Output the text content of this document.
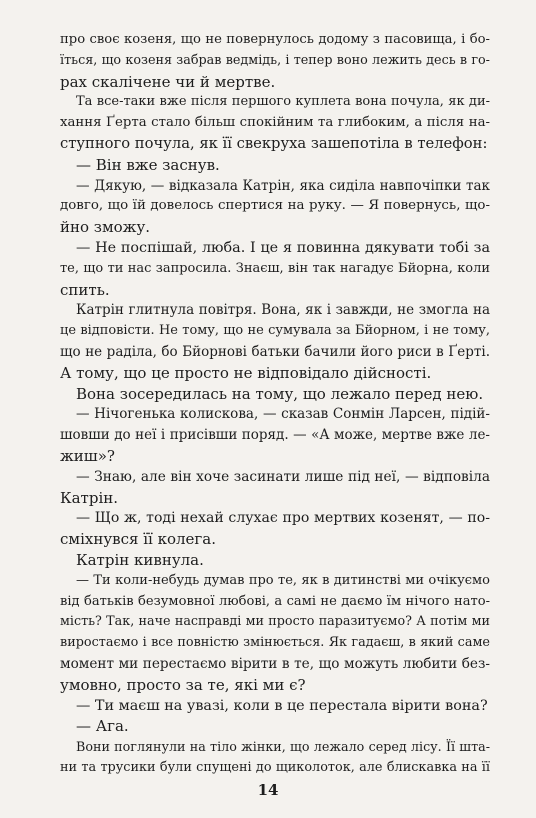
про своє козеня, що не повернулось додому з пасовища, і бо-
їться, що козеня забрав ведмідь, і тепер воно лежить десь в го-
рах скалічене чи й мертве.
Та все-таки вже після першого куплета вона почула, як ди-
хання Ґерта стало більш спокійним та глибоким, а після на-
ступного почула, як її свекруха зашепотіла в телефон:
— Він вже заснув.
— Дякую, — відказала Катрін, яка сиділа навпочіпки так
довго, що їй довелось спертися на руку. — Я повернусь, що-
йно зможу.
— Не поспішай, люба. І це я повинна дякувати тобі за
те, що ти нас запросила. Знаєш, він так нагадує Бйорна, коли
спить.
Катрін глитнула повітря. Вона, як і завжди, не змогла на
це відповісти. Не тому, що не сумувала за Бйорном, і не тому,
що не раділа, бо Бйорнові батьки бачили його риси в Ґерті.
А тому, що це просто не відповідало дійсності.
Вона зосередилась на тому, що лежало перед нею.
— Нічогенька колискова, — сказав Сонмін Ларсен, підій-
шовши до неї і присівши поряд. — «А може, мертве вже ле-
жиш»?
— Знаю, але він хоче засинати лише під неї, — відповіла
Катрін.
— Що ж, тоді нехай слухає про мертвих козенят, — по-
сміхнувся її колега.
Катрін кивнула.
— Ти коли-небудь думав про те, як в дитинстві ми очікуємо
від батьків безумовної любові, а самі не даємо їм нічого нато-
мість? Так, наче насправді ми просто паразитуємо? А потім ми
виростаємо і все повністю змінюється. Як гадаєш, в який саме
момент ми перестаємо вірити в те, що можуть любити без-
умовно, просто за те, які ми є?
— Ти маєш на увазі, коли в це перестала вірити вона?
— Ага.
Вони поглянули на тіло жінки, що лежало серед лісу. Її шта-
ни та трусики були спущені до щиколоток, але блискавка на її
14
